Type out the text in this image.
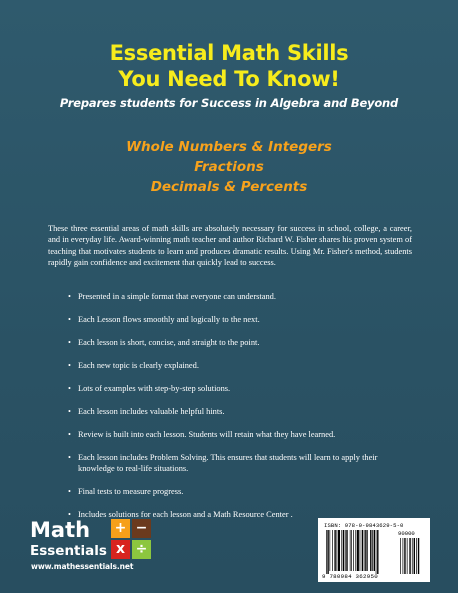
Essential Math Skills
You Need To Know!
Prepares students for Success in Algebra and Beyond
Whole Numbers & Integers
Fractions
Decimals & Percents

These three essential areas of math skills are absolutely necessary for success in school, college, a career, and in everyday life. Award-winning math teacher and author Richard W. Fisher shares his proven system of teaching that motivates students to learn and produces dramatic results. Using Mr. Fisher's method, students rapidly gain confidence and excitement that quickly lead to success.

• Presented in a simple format that everyone can understand.
• Each Lesson flows smoothly and logically to the next.
• Each lesson is short, concise, and straight to the point.
• Each new topic is clearly explained.
• Lots of examples with step-by-step solutions.
• Each lesson includes valuable helpful hints.
• Review is built into each lesson. Students will retain what they have learned.
• Each lesson includes Problem Solving. This ensures that students will learn to apply their knowledge to real-life situations.
• Final tests to measure progress.
• Includes solutions for each lesson and a Math Resource Center .
Math
Essentials
www.mathessentials.net
+ −
x ÷
ISBN: 978-0-9843629-5-0
90000
9 780984 362950
